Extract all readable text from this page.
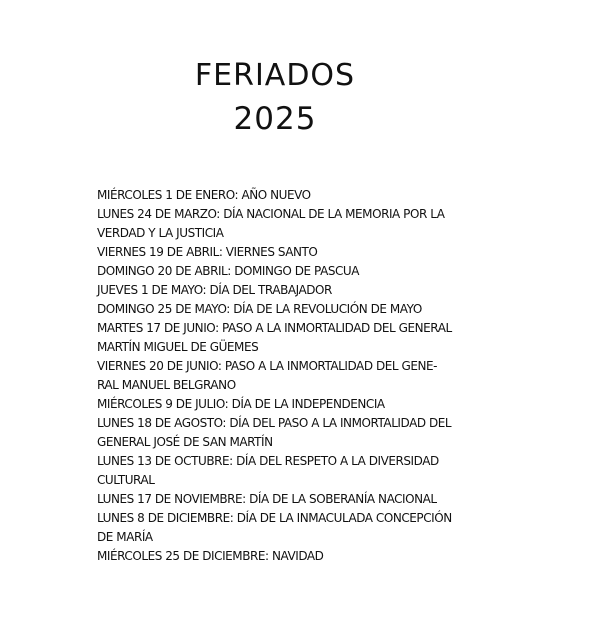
FERIADOS
2025
MIÉRCOLES 1 DE ENERO: AÑO NUEVO
LUNES 24 DE MARZO: DÍA NACIONAL DE LA MEMORIA POR LA
VERDAD Y LA JUSTICIA
VIERNES 19 DE ABRIL: VIERNES SANTO
DOMINGO 20 DE ABRIL: DOMINGO DE PASCUA
JUEVES 1 DE MAYO: DÍA DEL TRABAJADOR
DOMINGO 25 DE MAYO: DÍA DE LA REVOLUCIÓN DE MAYO
MARTES 17 DE JUNIO: PASO A LA INMORTALIDAD DEL GENERAL
MARTÍN MIGUEL DE GÜEMES
VIERNES 20 DE JUNIO: PASO A LA INMORTALIDAD DEL GENE-
RAL MANUEL BELGRANO
MIÉRCOLES 9 DE JULIO: DÍA DE LA INDEPENDENCIA
LUNES 18 DE AGOSTO: DÍA DEL PASO A LA INMORTALIDAD DEL
GENERAL JOSÉ DE SAN MARTÍN
LUNES 13 DE OCTUBRE: DÍA DEL RESPETO A LA DIVERSIDAD
CULTURAL
LUNES 17 DE NOVIEMBRE: DÍA DE LA SOBERANÍA NACIONAL
LUNES 8 DE DICIEMBRE: DÍA DE LA INMACULADA CONCEPCIÓN
DE MARÍA
MIÉRCOLES 25 DE DICIEMBRE: NAVIDAD
